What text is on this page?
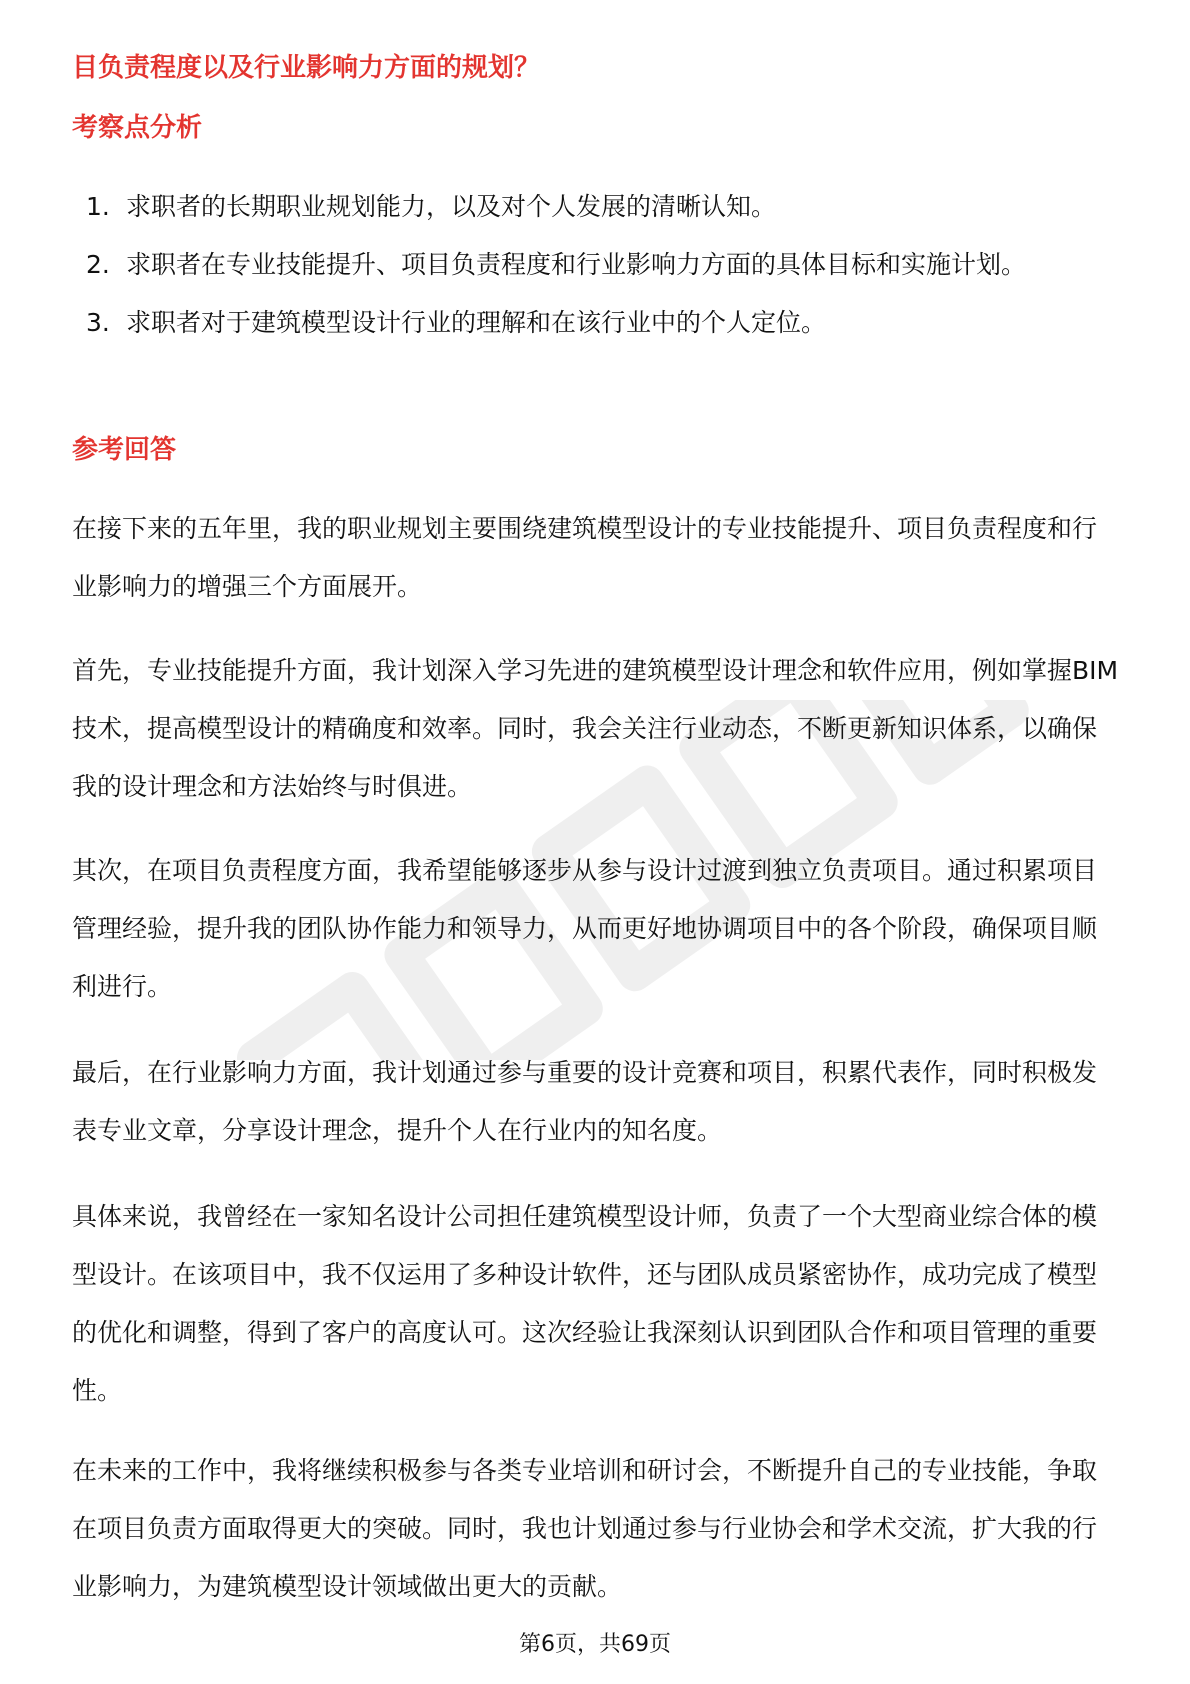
目负责程度以及行业影响力方面的规划？
考察点分析
1. 求职者的长期职业规划能力，以及对个人发展的清晰认知。
2. 求职者在专业技能提升、项目负责程度和行业影响力方面的具体目标和实施计划。
3. 求职者对于建筑模型设计行业的理解和在该行业中的个人定位。
参考回答

在接下来的五年里，我的职业规划主要围绕建筑模型设计的专业技能提升、项目负责程度和行业影响力的增强三个方面展开。

首先，专业技能提升方面，我计划深入学习先进的建筑模型设计理念和软件应用，例如掌握BIM技术，提高模型设计的精确度和效率。同时，我会关注行业动态，不断更新知识体系，以确保我的设计理念和方法始终与时俱进。

其次，在项目负责程度方面，我希望能够逐步从参与设计过渡到独立负责项目。通过积累项目管理经验，提升我的团队协作能力和领导力，从而更好地协调项目中的各个阶段，确保项目顺利进行。

最后，在行业影响力方面，我计划通过参与重要的设计竞赛和项目，积累代表作，同时积极发表专业文章，分享设计理念，提升个人在行业内的知名度。

具体来说，我曾经在一家知名设计公司担任建筑模型设计师，负责了一个大型商业综合体的模型设计。在该项目中，我不仅运用了多种设计软件，还与团队成员紧密协作，成功完成了模型的优化和调整，得到了客户的高度认可。这次经验让我深刻认识到团队合作和项目管理的重要性。

在未来的工作中，我将继续积极参与各类专业培训和研讨会，不断提升自己的专业技能，争取在项目负责方面取得更大的突破。同时，我也计划通过参与行业协会和学术交流，扩大我的行业影响力，为建筑模型设计领域做出更大的贡献。

第6页，共69页
